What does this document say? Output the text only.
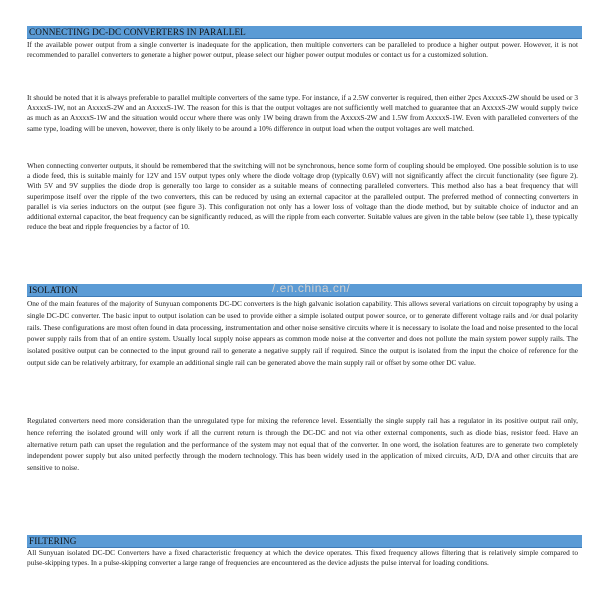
CONNECTING DC-DC CONVERTERS IN PARALLEL

If the available power output from a single converter is inadequate for the application, then multiple converters can be paralleled to produce a higher output power. However, it is not recommended to parallel converters to generate a higher power output, please select our higher power output modules or contact us for a customized solution.

It should be noted that it is always preferable to parallel multiple converters of the same type. For instance, if a 2.5W converter is required, then either 2pcs AxxxxS-2W should be used or 3 AxxxxS-1W, not an AxxxxS-2W and an AxxxxS-1W. The reason for this is that the output voltages are not sufficiently well matched to guarantee that an AxxxxS-2W would supply twice as much as an AxxxxS-1W and the situation would occur where there was only 1W being drawn from the AxxxxS-2W and 1.5W from AxxxxS-1W. Even with paralleled converters of the same type, loading will be uneven, however, there is only likely to be around a 10% difference in output load when the output voltages are well matched.

When connecting converter outputs, it should be remembered that the switching will not be synchronous, hence some form of coupling should be employed. One possible solution is to use a diode feed, this is suitable mainly for 12V and 15V output types only where the diode voltage drop (typically 0.6V) will not significantly affect the circuit functionality (see figure 2). With 5V and 9V supplies the diode drop is generally too large to consider as a suitable means of connecting paralleled converters. This method also has a beat frequency that will superimpose itself over the ripple of the two converters, this can be reduced by using an external capacitor at the paralleled output. The preferred method of connecting converters in parallel is via series inductors on the output (see figure 3). This configuration not only has a lower loss of voltage than the diode method, but by suitable choice of inductor and an additional external capacitor, the beat frequency can be significantly reduced, as will the ripple from each converter. Suitable values are given in the table below (see table 1), these typically reduce the beat and ripple frequencies by a factor of 10.

ISOLATION	/.en.china.cn/

One of the main features of the majority of Sunyuan components DC-DC converters is the high galvanic isolation capability. This allows several variations on circuit topography by using a single DC-DC converter. The basic input to output isolation can be used to provide either a simple isolated output power source, or to generate different voltage rails and /or dual polarity rails. These configurations are most often found in data processing, instrumentation and other noise sensitive circuits where it is necessary to isolate the load and noise presented to the local power supply rails from that of an entire system. Usually local supply noise appears as common mode noise at the converter and does not pollute the main system power supply rails. The isolated positive output can be connected to the input ground rail to generate a negative supply rail if required. Since the output is isolated from the input the choice of reference for the output side can be relatively arbitrary, for example an additional single rail can be generated above the main supply rail or offset by some other DC value.

Regulated converters need more consideration than the unregulated type for mixing the reference level. Essentially the single supply rail has a regulator in its positive output rail only, hence referring the isolated ground will only work if all the current return is through the DC-DC and not via other external components, such as diode bias, resistor feed. Have an alternative return path can upset the regulation and the performance of the system may not equal that of the converter. In one word, the isolation features are to generate two completely independent power supply but also united perfectly through the modern technology. This has been widely used in the application of mixed circuits, A/D, D/A and other circuits that are sensitive to noise.

FILTERING

All Sunyuan isolated DC-DC Converters have a fixed characteristic frequency at which the device operates. This fixed frequency allows filtering that is relatively simple compared to pulse-skipping types. In a pulse-skipping converter a large range of frequencies are encountered as the device adjusts the pulse interval for loading conditions.
